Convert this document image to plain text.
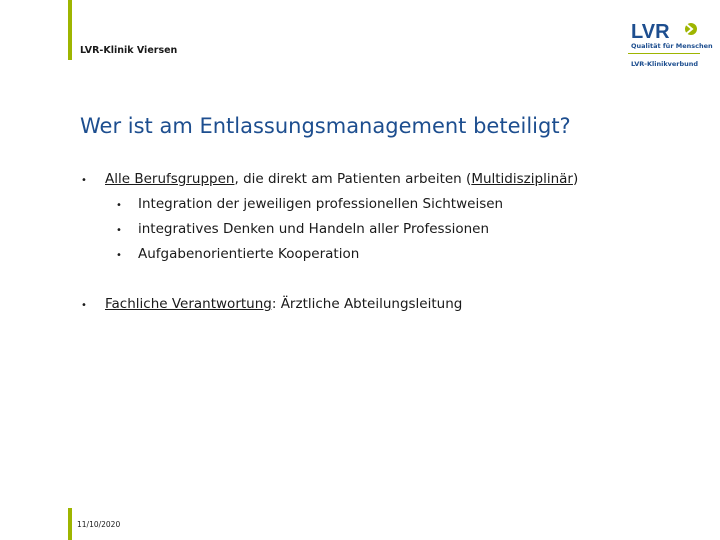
LVR-Klinik Viersen
LVR
Qualität für Menschen
LVR-Klinikverbund
Wer ist am Entlassungsmanagement beteiligt?
• Alle Berufsgruppen, die direkt am Patienten arbeiten (Multidisziplinär)
• Integration der jeweiligen professionellen Sichtweisen
• integratives Denken und Handeln aller Professionen
• Aufgabenorientierte Kooperation
• Fachliche Verantwortung: Ärztliche Abteilungsleitung
11/10/2020
